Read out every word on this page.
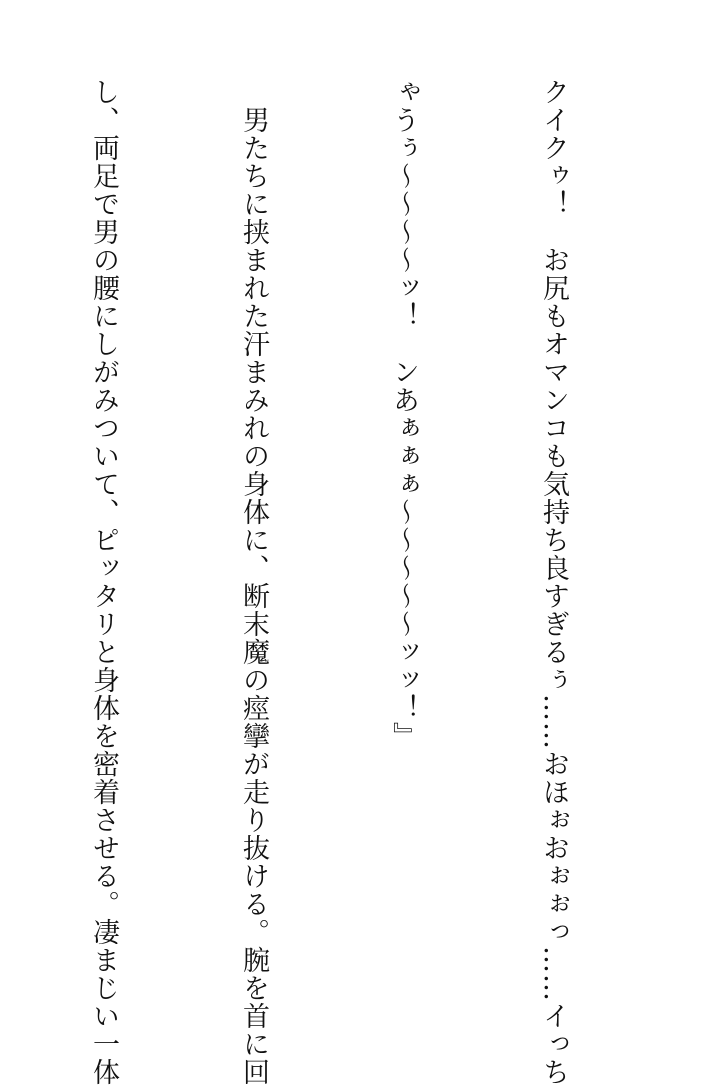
クイクゥ！　お尻もオマンコも気持ち良すぎるぅ……おほぉおぉぉっ……イっち

ゃうぅ〜〜〜〜ッ！　ンあぁぁぁ〜〜〜〜〜ッッ！』

　男たちに挟まれた汗まみれの身体に、断末魔の痙攣が走り抜ける。腕を首に回

し、両足で男の腰にしがみついて、ピッタリと身体を密着させる。凄まじい一体
